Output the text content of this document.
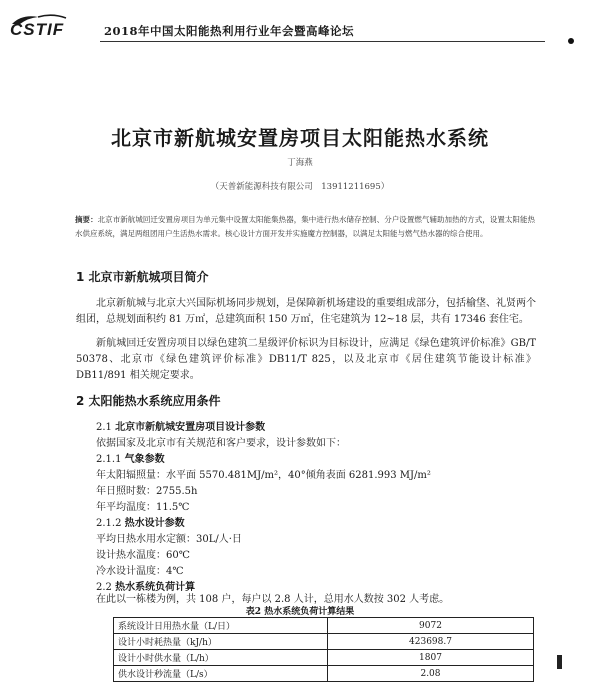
CSTIF	2018年中国太阳能热利用行业年会暨高峰论坛
北京市新航城安置房项目太阳能热水系统
丁海燕
（天普新能源科技有限公司　13911211695）
摘要：北京市新航城回迁安置房项目为单元集中设置太阳能集热器，集中进行热水储存控制、分户设置燃气辅助加热的方式，设置太阳能热水供应系统，满足两组团用户生活热水需求。核心设计方面开发并实施魔方控制器，以满足太阳能与燃气热水器的综合使用。
1 北京市新航城项目简介
北京新航城与北京大兴国际机场同步规划，是保障新机场建设的重要组成部分，包括榆垡、礼贤两个组团，总规划面积约 81 万㎡，总建筑面积 150 万㎡，住宅建筑为 12~18 层，共有 17346 套住宅。
新航城回迁安置房项目以绿色建筑二星级评价标识为目标设计，应满足《绿色建筑评价标准》GB/T 50378、北京市《绿色建筑评价标准》DB11/T 825，以及北京市《居住建筑节能设计标准》DB11/891 相关规定要求。
2 太阳能热水系统应用条件
2.1 北京市新航城安置房项目设计参数
依据国家及北京市有关规范和客户要求，设计参数如下：
2.1.1 气象参数
年太阳辐照量：水平面 5570.481MJ/m²，40°倾角表面 6281.993 MJ/m²
年日照时数：2755.5h
年平均温度：11.5℃
2.1.2 热水设计参数
平均日热水用水定额：30L/人·日
设计热水温度：60℃
冷水设计温度：4℃
2.2 热水系统负荷计算
在此以一栋楼为例，共 108 户，每户以 2.8 人计，总用水人数按 302 人考虑。
表2 热水系统负荷计算结果
系统设计日用热水量（L/日）	9072
设计小时耗热量（kJ/h）	423698.7
设计小时供水量（L/h）	1807
供水设计秒流量（L/s）	2.08
